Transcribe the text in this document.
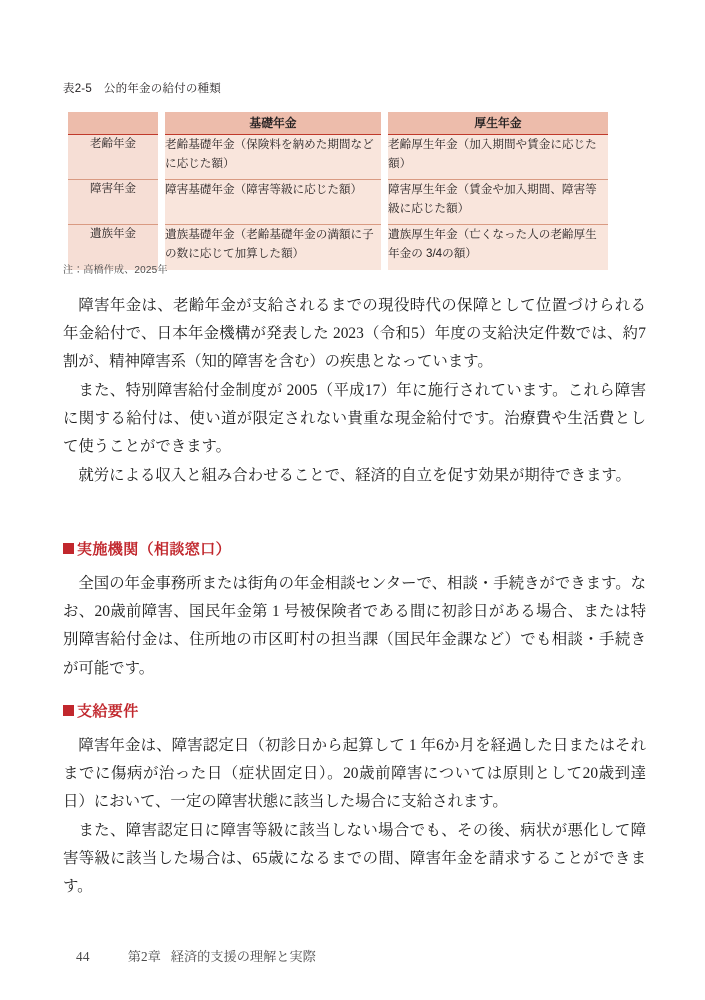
表2-5 公的年金の給付の種類
		基礎年金		厚生年金
老齢年金		老齢基礎年金（保険料を納めた期間などに応じた額）		老齢厚生年金（加入期間や賃金に応じた額）
障害年金		障害基礎年金（障害等級に応じた額）		障害厚生年金（賃金や加入期間、障害等級に応じた額）
遺族年金		遺族基礎年金（老齢基礎年金の満額に子の数に応じて加算した額）		遺族厚生年金（亡くなった人の老齢厚生年金の 3/4の額）
注：高橋作成、2025年

障害年金は、老齢年金が支給されるまでの現役時代の保障として位置づけられる年金給付で、日本年金機構が発表した 2023（令和5）年度の支給決定件数では、約7割が、精神障害系（知的障害を含む）の疾患となっています。

また、特別障害給付金制度が 2005（平成17）年に施行されています。これら障害に関する給付は、使い道が限定されない貴重な現金給付です。治療費や生活費として使うことができます。

就労による収入と組み合わせることで、経済的自立を促す効果が期待できます。

実施機関（相談窓口）

全国の年金事務所または街角の年金相談センターで、相談・手続きができます。なお、20歳前障害、国民年金第 1 号被保険者である間に初診日がある場合、または特別障害給付金は、住所地の市区町村の担当課（国民年金課など）でも相談・手続きが可能です。

支給要件

障害年金は、障害認定日（初診日から起算して 1 年6か月を経過した日またはそれまでに傷病が治った日（症状固定日）。20歳前障害については原則として20歳到達日）において、一定の障害状態に該当した場合に支給されます。

また、障害認定日に障害等級に該当しない場合でも、その後、病状が悪化して障害等級に該当した場合は、65歳になるまでの間、障害年金を請求することができます。

44	第2章 経済的支援の理解と実際
